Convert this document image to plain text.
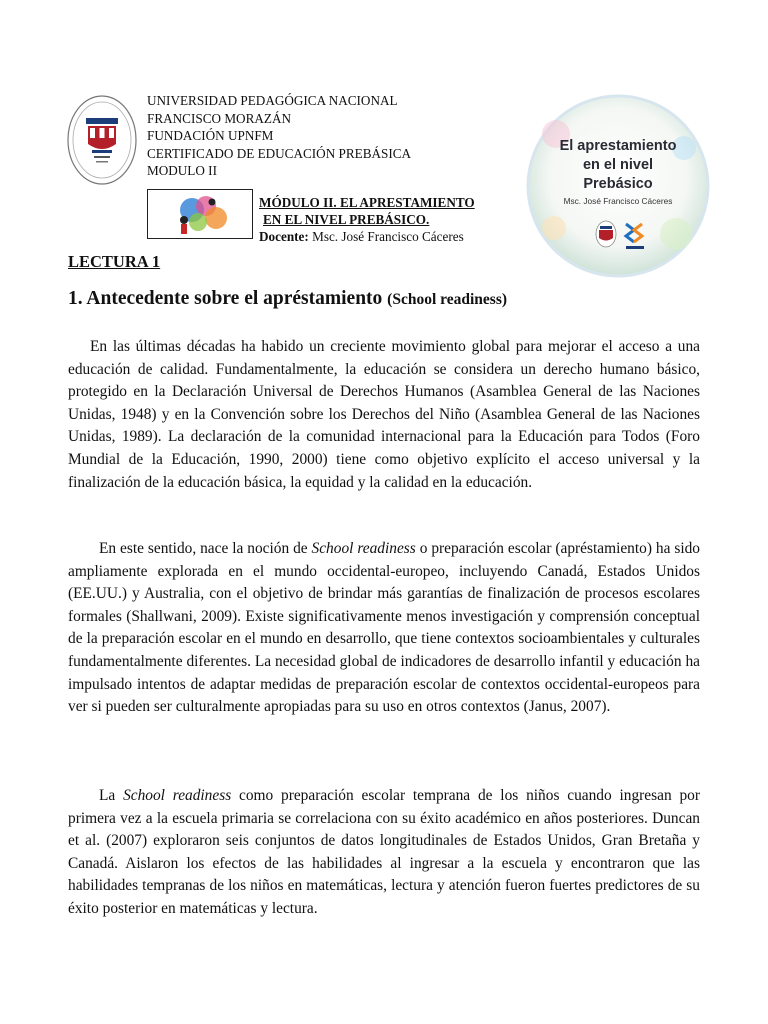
UNIVERSIDAD PEDAGÓGICA NACIONAL
FRANCISCO MORAZÁN
FUNDACIÓN UPNFM
CERTIFICADO DE EDUCACIÓN PREBÁSICA
MODULO II
MÓDULO II. EL APRESTAMIENTO
EN EL NIVEL PREBÁSICO.
Docente: Msc. José Francisco Cáceres
El aprestamiento
en el nivel
Prebásico
Msc. José Francisco Cáceres
LECTURA 1
1. Antecedente sobre el apréstamiento (School readiness)
En las últimas décadas ha habido un creciente movimiento global para mejorar el acceso a una educación de calidad. Fundamentalmente, la educación se considera un derecho humano básico, protegido en la Declaración Universal de Derechos Humanos (Asamblea General de las Naciones Unidas, 1948) y en la Convención sobre los Derechos del Niño (Asamblea General de las Naciones Unidas, 1989). La declaración de la comunidad internacional para la Educación para Todos (Foro Mundial de la Educación, 1990, 2000) tiene como objetivo explícito el acceso universal y la finalización de la educación básica, la equidad y la calidad en la educación.
En este sentido, nace la noción de School readiness o preparación escolar (apréstamiento) ha sido ampliamente explorada en el mundo occidental-europeo, incluyendo Canadá, Estados Unidos (EE.UU.) y Australia, con el objetivo de brindar más garantías de finalización de procesos escolares formales (Shallwani, 2009). Existe significativamente menos investigación y comprensión conceptual de la preparación escolar en el mundo en desarrollo, que tiene contextos socioambientales y culturales fundamentalmente diferentes. La necesidad global de indicadores de desarrollo infantil y educación ha impulsado intentos de adaptar medidas de preparación escolar de contextos occidental-europeos para ver si pueden ser culturalmente apropiadas para su uso en otros contextos (Janus, 2007).
La School readiness como preparación escolar temprana de los niños cuando ingresan por primera vez a la escuela primaria se correlaciona con su éxito académico en años posteriores. Duncan et al. (2007) exploraron seis conjuntos de datos longitudinales de Estados Unidos, Gran Bretaña y Canadá. Aislaron los efectos de las habilidades al ingresar a la escuela y encontraron que las habilidades tempranas de los niños en matemáticas, lectura y atención fueron fuertes predictores de su éxito posterior en matemáticas y lectura.
